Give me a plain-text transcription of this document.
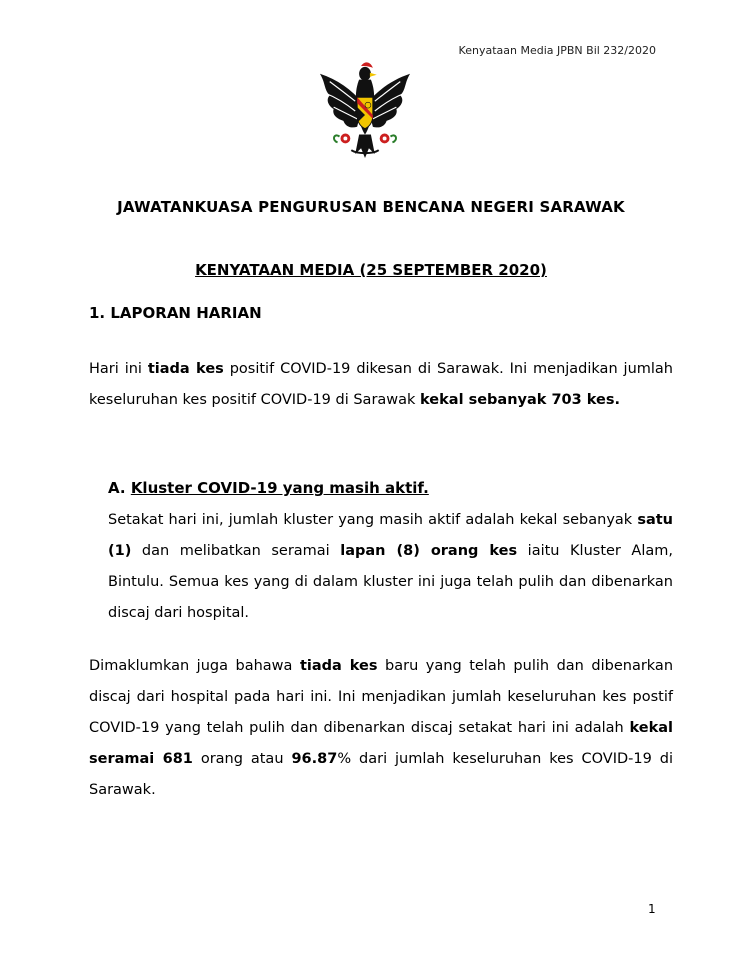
Kenyataan Media JPBN Bil 232/2020
JAWATANKUASA PENGURUSAN BENCANA NEGERI SARAWAK
KENYATAAN MEDIA (25 SEPTEMBER 2020)
1. LAPORAN HARIAN

Hari ini tiada kes positif COVID-19 dikesan di Sarawak. Ini menjadikan jumlah keseluruhan kes positif COVID-19 di Sarawak kekal sebanyak 703 kes.

A. Kluster COVID-19 yang masih aktif.

Setakat hari ini, jumlah kluster yang masih aktif adalah kekal sebanyak satu (1) dan melibatkan seramai lapan (8) orang kes iaitu Kluster Alam, Bintulu. Semua kes yang di dalam kluster ini juga telah pulih dan dibenarkan discaj dari hospital.

Dimaklumkan juga bahawa tiada kes baru yang telah pulih dan dibenarkan discaj dari hospital pada hari ini. Ini menjadikan jumlah keseluruhan kes postif COVID-19 yang telah pulih dan dibenarkan discaj setakat hari ini adalah kekal seramai 681 orang atau 96.87% dari jumlah keseluruhan kes COVID-19 di Sarawak.

1
